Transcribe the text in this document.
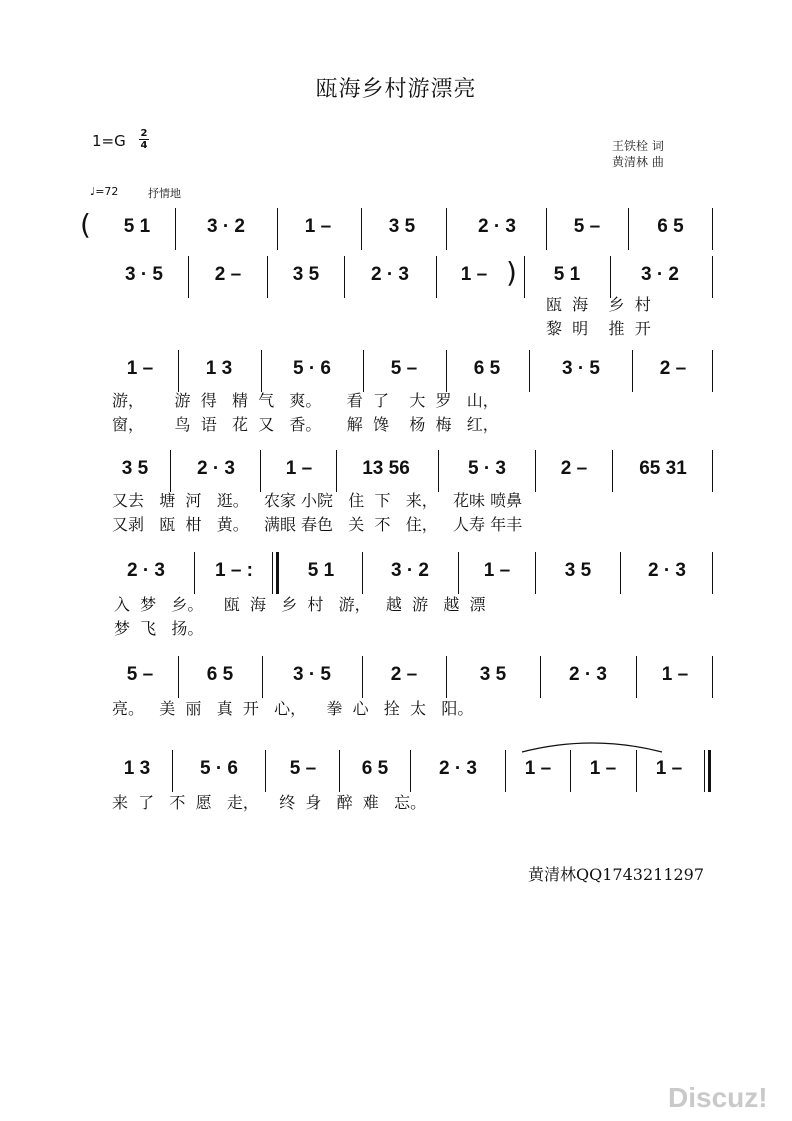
瓯海乡村游漂亮
1=G 2
4	王铁栓 词
黄清林 曲
♩=72	抒情地
(	5 1	3 · 2	1 –	3 5	2 · 3	5 –	6 5
3 · 5	2 –	3 5	2 · 3	1 – )	5 1	3 · 2
瓯  海    乡  村
黎  明    推  开
1 –	1 3	5 · 6	5 –	6 5	3 · 5	2 –
游，      游  得   精  气   爽。     看  了    大  罗   山，
窗，      鸟  语   花  又   香。     解  馋    杨  梅   红，
3 5	2 · 3	1 –	13 56	5 · 3	2 –	65 31
又去   塘  河   逛。   农家 小院   住  下   来，   花味 喷鼻
又剥   瓯  柑   黄。   满眼 春色   关  不   住，   人寿 年丰
2 · 3	1 – :	5 1	3 · 2	1 –	3 5	2 · 3
入  梦   乡。    瓯  海   乡  村   游，   越  游   越  漂
梦  飞   扬。
5 –	6 5	3 · 5	2 –	3 5	2 · 3	1 –
亮。   美  丽   真  开   心，    拳  心   拴  太   阳。
1 3	5 · 6	5 –	6 5	2 · 3	1 –	1 –	1 –
来  了   不  愿   走，    终  身   醉  难   忘。
黄清林QQ1743211297
Discuz!
